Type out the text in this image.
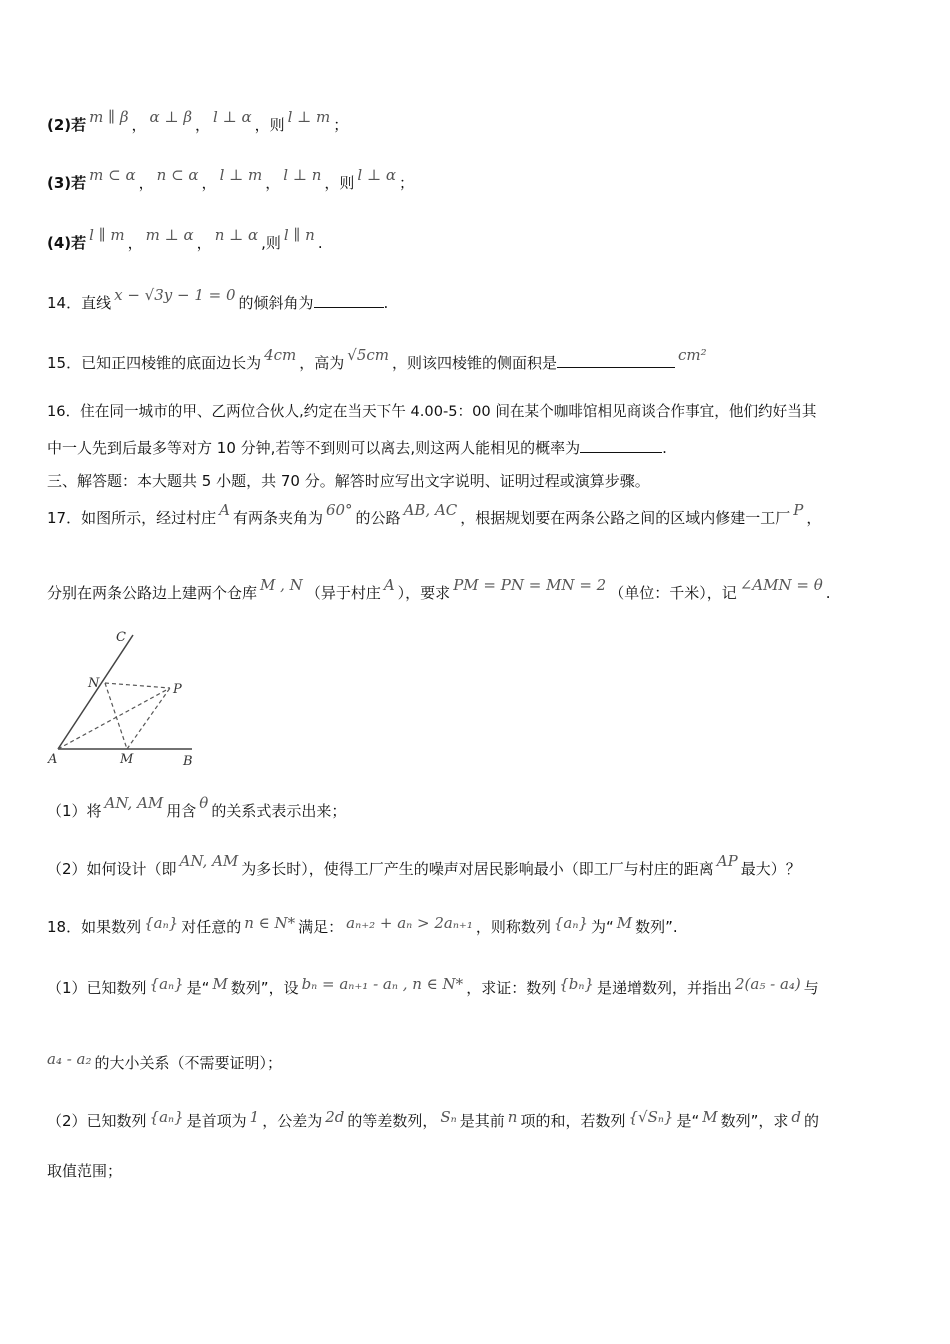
(2)若 m ∥ β ， α ⊥ β ， l ⊥ α ，则 l ⊥ m ；
(3)若 m ⊂ α ， n ⊂ α ， l ⊥ m ， l ⊥ n ，则 l ⊥ α ；
(4)若 l ∥ m ， m ⊥ α ， n ⊥ α ,则 l ∥ n .
14．直线 x − √3y − 1 = 0 的倾斜角为	.
15．已知正四棱锥的底面边长为 4cm ，高为 √5cm ，则该四棱锥的侧面积是	cm²
16．住在同一城市的甲、乙两位合伙人,约定在当天下午 4.00-5：00 间在某个咖啡馆相见商谈合作事宜，他们约好当其
中一人先到后最多等对方 10 分钟,若等不到则可以离去,则这两人能相见的概率为	.
三、解答题：本大题共 5 小题，共 70 分。解答时应写出文字说明、证明过程或演算步骤。
17．如图所示，经过村庄 A 有两条夹角为 60° 的公路 AB, AC ，根据规划要在两条公路之间的区域内修建一工厂 P ，
分别在两条公路边上建两个仓库 M , N （异于村庄 A ），要求 PM = PN = MN = 2 （单位：千米），记 ∠AMN = θ .
A	M	B
C
N	P
（1）将 AN, AM 用含 θ 的关系式表示出来；
（2）如何设计（即 AN, AM 为多长时），使得工厂产生的噪声对居民影响最小（即工厂与村庄的距离 AP 最大）？
18．如果数列 {aₙ} 对任意的 n ∈ N* 满足： aₙ₊₂ + aₙ > 2aₙ₊₁ ，则称数列 {aₙ} 为“ M 数列”.
（1）已知数列 {aₙ} 是“ M 数列”，设 bₙ = aₙ₊₁ - aₙ , n ∈ N* ，求证：数列 {bₙ} 是递增数列，并指出 2(a₅ - a₄) 与
a₄ - a₂ 的大小关系（不需要证明）；
（2）已知数列 {aₙ} 是首项为 1 ，公差为 2d 的等差数列， Sₙ 是其前 n 项的和，若数列 {√Sₙ} 是“ M 数列”，求 d 的
取值范围；
